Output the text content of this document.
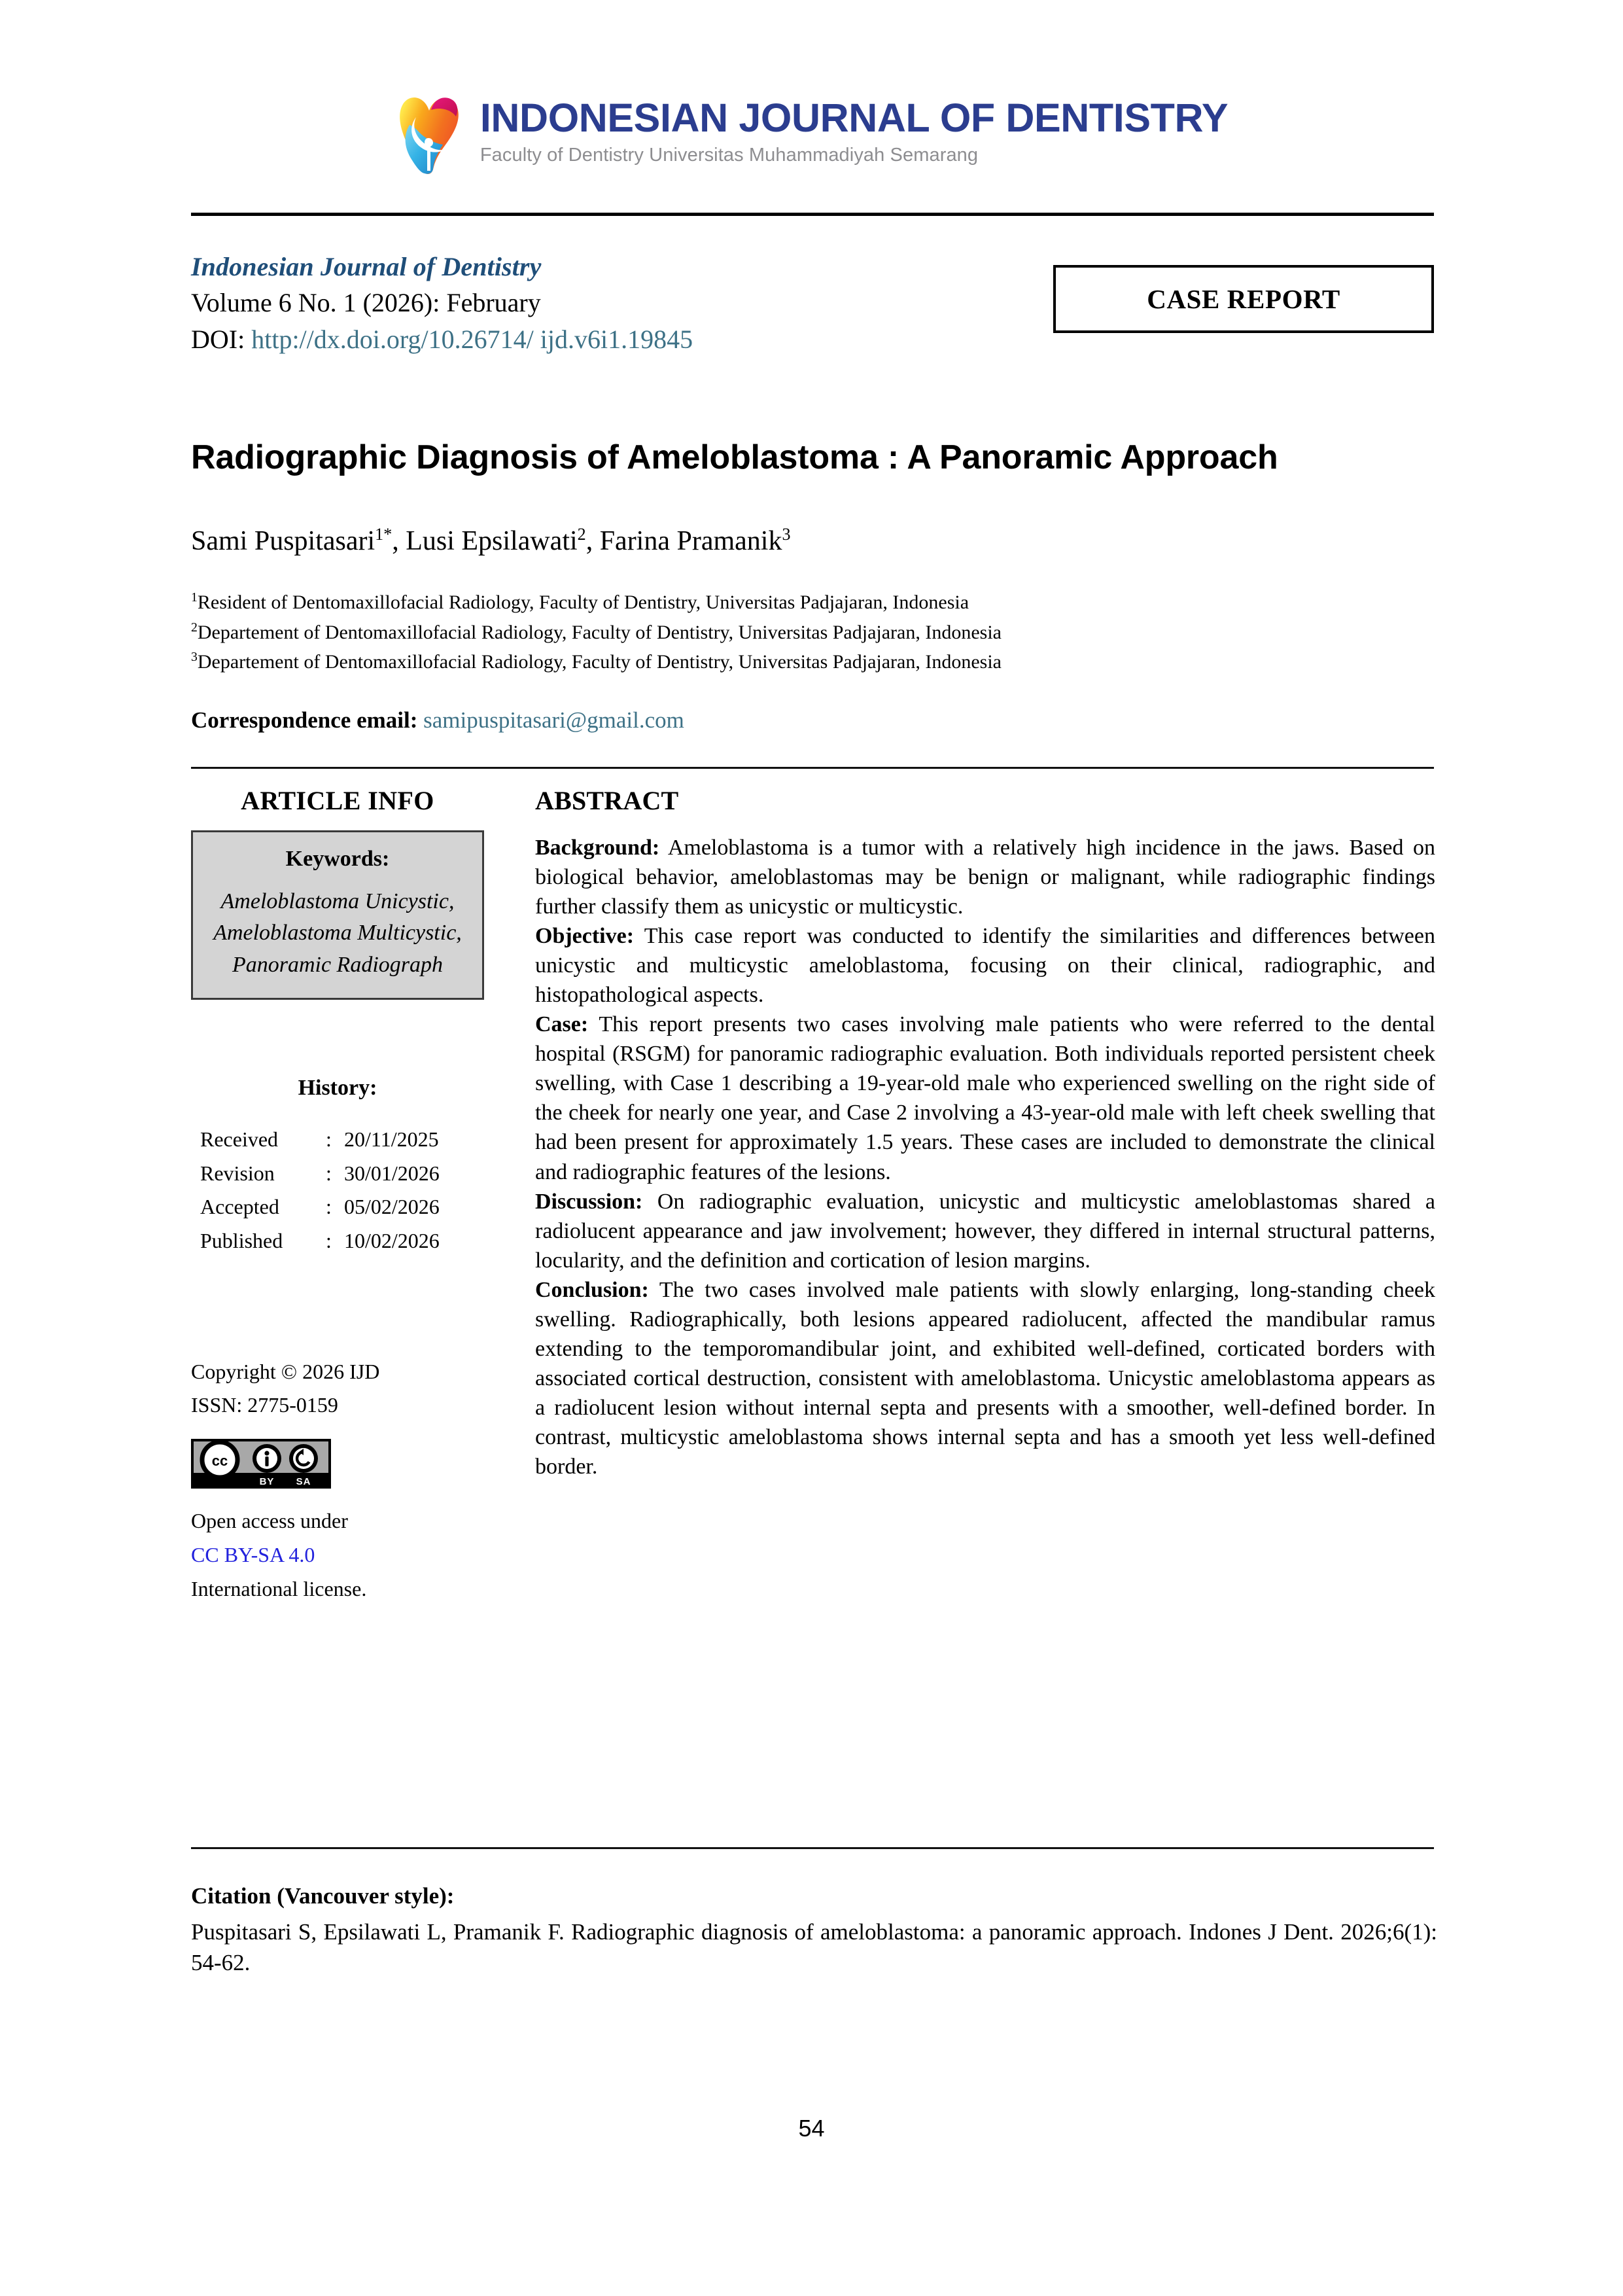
INDONESIAN JOURNAL OF DENTISTRY
Faculty of Dentistry Universitas Muhammadiyah Semarang
Indonesian Journal of Dentistry
Volume 6 No. 1 (2026): February
DOI: http://dx.doi.org/10.26714/ ijd.v6i1.19845
CASE REPORT
Radiographic Diagnosis of Ameloblastoma : A Panoramic Approach
Sami Puspitasari$^{1*}$, Lusi Epsilawati$^2$, Farina Pramanik$^3$
$^1$Resident of Dentomaxillofacial Radiology, Faculty of Dentistry, Universitas Padjajaran, Indonesia
$^2$Departement of Dentomaxillofacial Radiology, Faculty of Dentistry, Universitas Padjajaran, Indonesia
$^3$Departement of Dentomaxillofacial Radiology, Faculty of Dentistry, Universitas Padjajaran, Indonesia
Correspondence email: samipuspitasari@gmail.com
ARTICLE INFO
Keywords:
Ameloblastoma Unicystic, Ameloblastoma Multicystic, Panoramic Radiograph
History:
Received	: 20/11/2025
Revision	: 30/01/2026
Accepted	: 05/02/2026
Published	: 10/02/2026
Copyright © 2026 IJD
ISSN: 2775-0159
cc
BY SA
Open access under
CC BY-SA 4.0
International license.
ABSTRACT

Background: Ameloblastoma is a tumor with a relatively high incidence in the jaws. Based on biological behavior, ameloblastomas may be benign or malignant, while radiographic findings further classify them as unicystic or multicystic.

Objective: This case report was conducted to identify the similarities and differences between unicystic and multicystic ameloblastoma, focusing on their clinical, radiographic, and histopathological aspects.

Case: This report presents two cases involving male patients who were referred to the dental hospital (RSGM) for panoramic radiographic evaluation. Both individuals reported persistent cheek swelling, with Case 1 describing a 19-year-old male who experienced swelling on the right side of the cheek for nearly one year, and Case 2 involving a 43-year-old male with left cheek swelling that had been present for approximately 1.5 years. These cases are included to demonstrate the clinical and radiographic features of the lesions.

Discussion: On radiographic evaluation, unicystic and multicystic ameloblastomas shared a radiolucent appearance and jaw involvement; however, they differed in internal structural patterns, locularity, and the definition and cortication of lesion margins.

Conclusion: The two cases involved male patients with slowly enlarging, long-standing cheek swelling. Radiographically, both lesions appeared radiolucent, affected the mandibular ramus extending to the temporomandibular joint, and exhibited well-defined, corticated borders with associated cortical destruction, consistent with ameloblastoma. Unicystic ameloblastoma appears as a radiolucent lesion without internal septa and presents with a smoother, well-defined border. In contrast, multicystic ameloblastoma shows internal septa and has a smooth yet less well-defined border.

Citation (Vancouver style):
Puspitasari S, Epsilawati L, Pramanik F. Radiographic diagnosis of ameloblastoma: a panoramic approach. Indones J Dent. 2026;6(1): 54-62.
54
